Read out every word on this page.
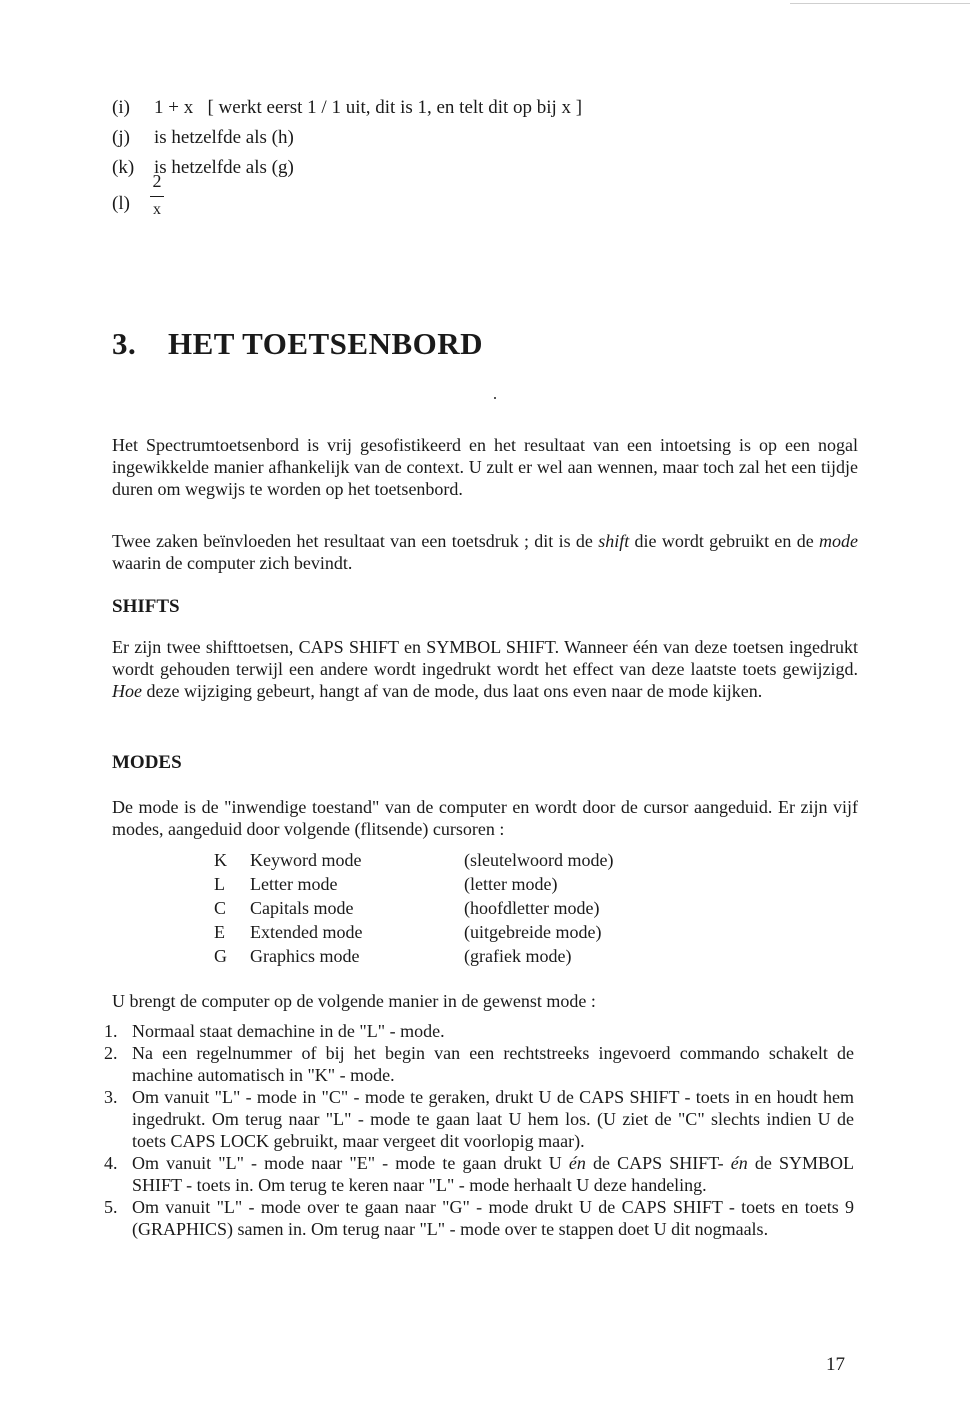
(i) 1 + x   [ werkt eerst 1 / 1 uit, dit is 1, en telt dit op bij x ]
(j) is hetzelfde als (h)
(k) is hetzelfde als (g)
(l)
2
x
3. HET TOETSENBORD
Het Spectrumtoetsenbord is vrij gesofistikeerd en het resultaat van een intoetsing is op een nogal ingewikkelde manier afhankelijk van de context. U zult er wel aan wennen, maar toch zal het een tijdje duren om wegwijs te worden op het toetsenbord.
Twee zaken beïnvloeden het resultaat van een toetsdruk ; dit is de shift die wordt gebruikt en de mode waarin de computer zich bevindt.
SHIFTS
Er zijn twee shifttoetsen, CAPS SHIFT en SYMBOL SHIFT. Wanneer één van deze toetsen ingedrukt wordt gehouden terwijl een andere wordt ingedrukt wordt het effect van deze laatste toets gewijzigd. Hoe deze wijziging gebeurt, hangt af van de mode, dus laat ons even naar de mode kijken.
MODES
De mode is de "inwendige toestand" van de computer en wordt door de cursor aangeduid. Er zijn vijf modes, aangeduid door volgende (flitsende) cursoren :
K Keyword mode	(sleutelwoord mode)
L Letter mode	(letter mode)
C Capitals mode	(hoofdletter mode)
E Extended mode	(uitgebreide mode)
G Graphics mode	(grafiek mode)
U brengt de computer op de volgende manier in de gewenst mode :
1. Normaal staat demachine in de "L" - mode.
2. Na een regelnummer of bij het begin van een rechtstreeks ingevoerd commando schakelt de machine automatisch in "K" - mode.
3. Om vanuit "L" - mode in "C" - mode te geraken, drukt U de CAPS SHIFT - toets in en houdt hem ingedrukt. Om terug naar "L" - mode te gaan laat U hem los. (U ziet de "C" slechts indien U de toets CAPS LOCK gebruikt, maar vergeet dit voorlopig maar).
4. Om vanuit "L" - mode naar "E" - mode te gaan drukt U én de CAPS SHIFT- én de SYMBOL SHIFT - toets in. Om terug te keren naar "L" - mode herhaalt U deze handeling.
5. Om vanuit "L" - mode over te gaan naar "G" - mode drukt U de CAPS SHIFT - toets en toets 9 (GRAPHICS) samen in. Om terug naar "L" - mode over te stappen doet U dit nogmaals.
17
